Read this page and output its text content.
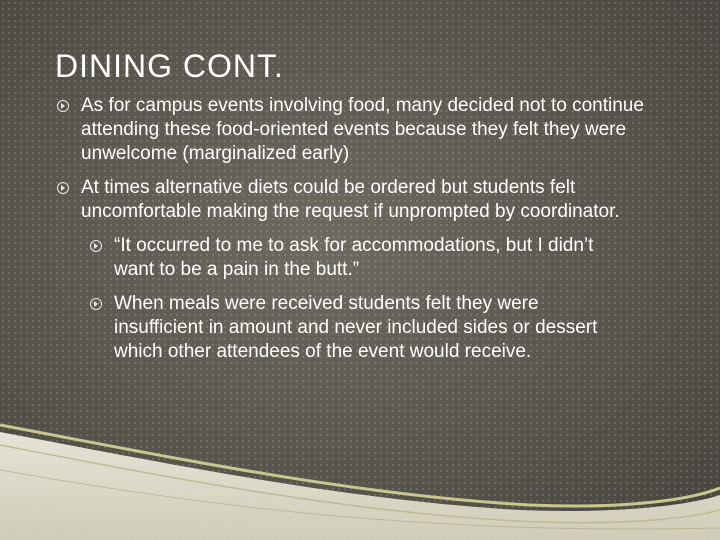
DINING CONT.
As for campus events involving food, many decided not to continue attending these food-oriented events because they felt they were unwelcome (marginalized early)
At times alternative diets could be ordered but students felt uncomfortable making the request if unprompted by coordinator.
“It occurred to me to ask for accommodations, but I didn’t want to be a pain in the butt.”
When meals were received students felt they were insufficient in amount and never included sides or dessert which other attendees of the event would receive.
